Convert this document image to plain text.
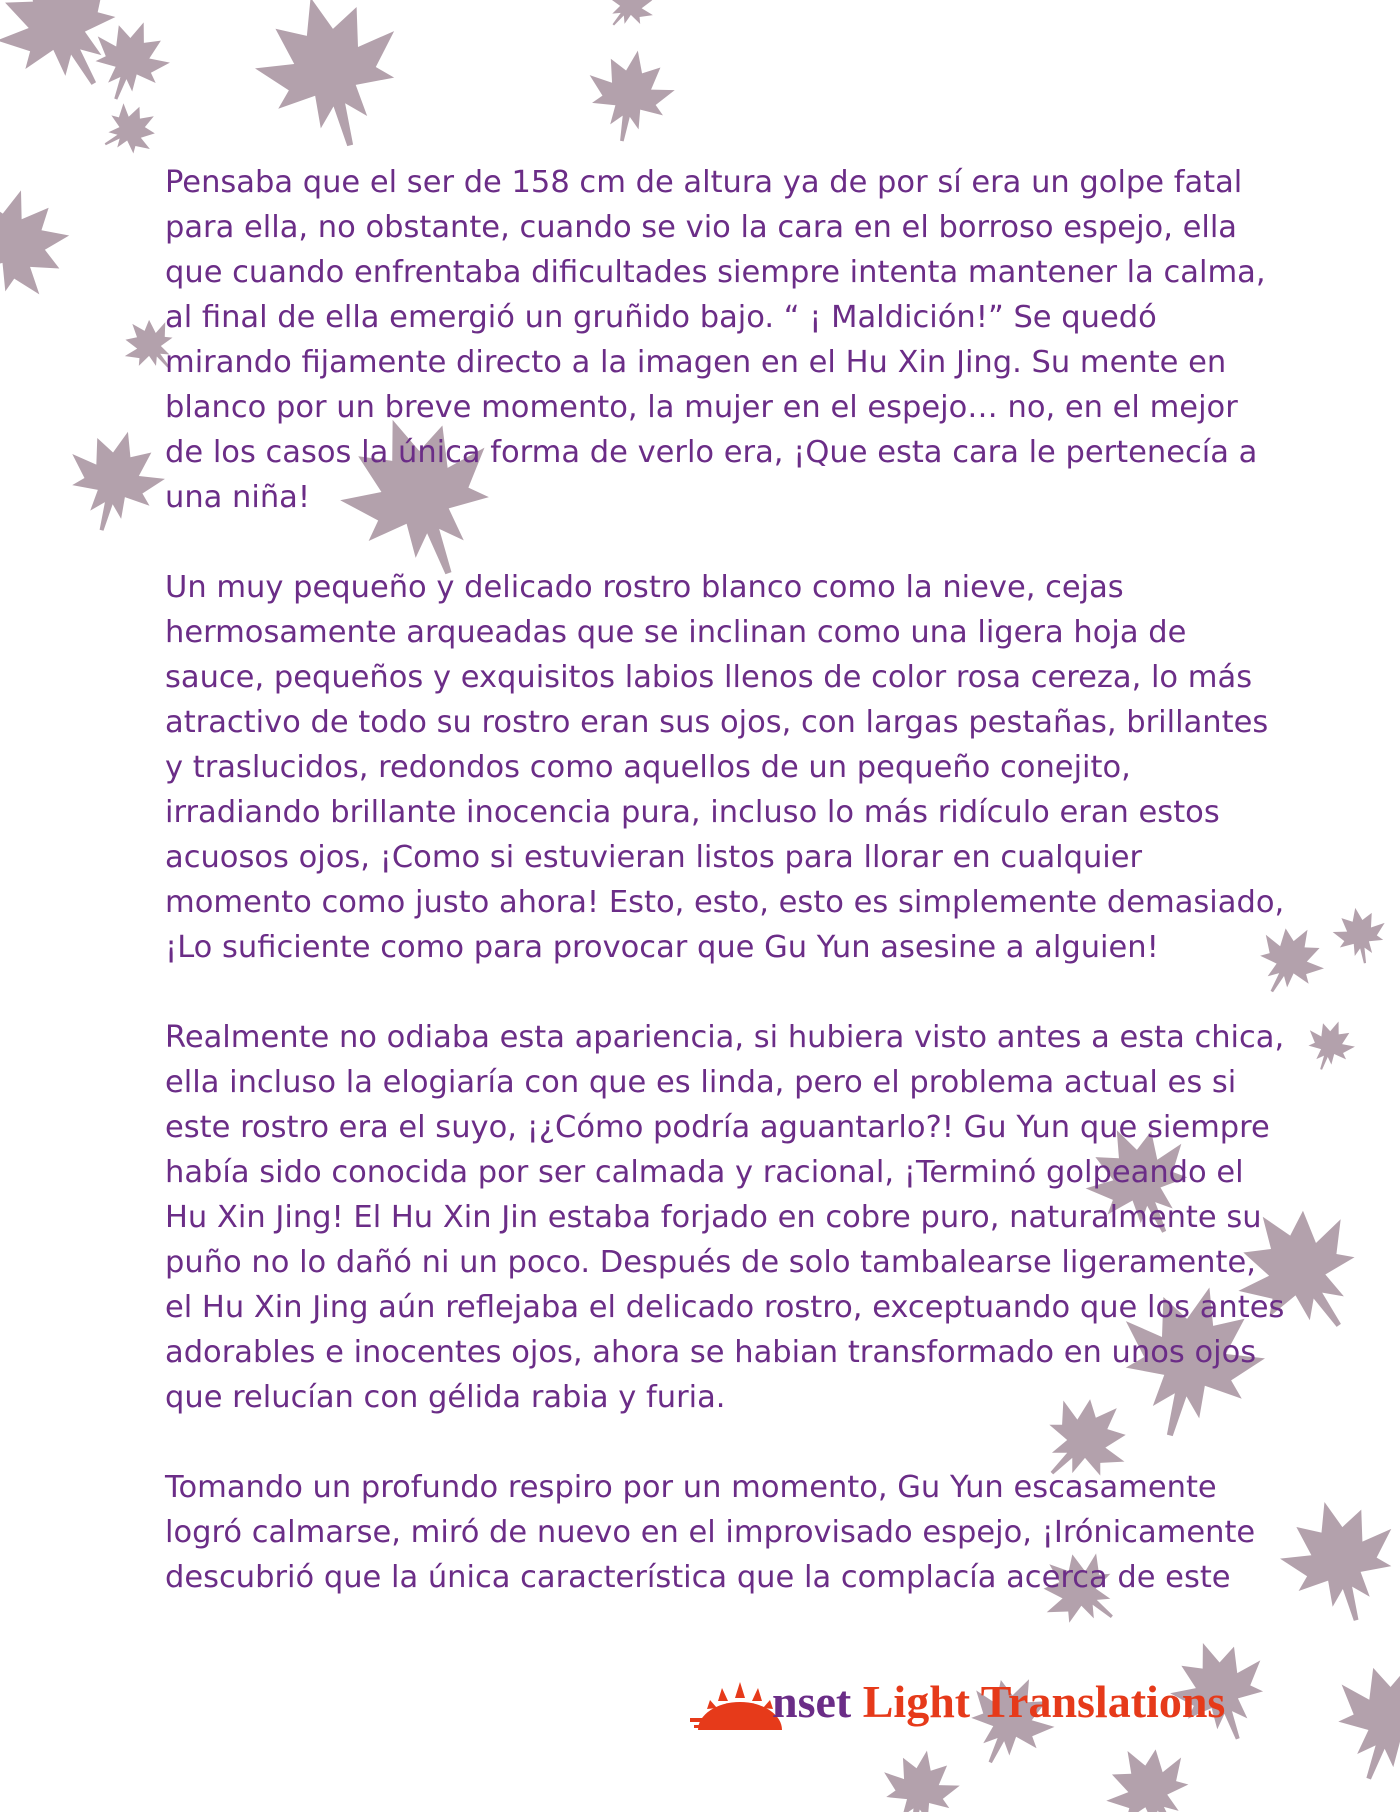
Pensaba que el ser de 158 cm de altura ya de por sí era un golpe fatal para ella, no obstante, cuando se vio la cara en el borroso espejo, ella que cuando enfrentaba dificultades siempre intenta mantener la calma, al final de ella emergió un gruñido bajo. “ ¡ Maldición!” Se quedó mirando fijamente directo a la imagen en el Hu Xin Jing. Su mente en blanco por un breve momento, la mujer en el espejo… no, en el mejor de los casos la única forma de verlo era, ¡Que esta cara le pertenecía a una niña!

Un muy pequeño y delicado rostro blanco como la nieve, cejas hermosamente arqueadas que se inclinan como una ligera hoja de sauce, pequeños y exquisitos labios llenos de color rosa cereza, lo más atractivo de todo su rostro eran sus ojos, con largas pestañas, brillantes y traslucidos, redondos como aquellos de un pequeño conejito, irradiando brillante inocencia pura, incluso lo más ridículo eran estos acuosos ojos, ¡Como si estuvieran listos para llorar en cualquier momento como justo ahora! Esto, esto, esto es simplemente demasiado, ¡Lo suficiente como para provocar que Gu Yun asesine a alguien!

Realmente no odiaba esta apariencia, si hubiera visto antes a esta chica, ella incluso la elogiaría con que es linda, pero el problema actual es si este rostro era el suyo, ¡¿Cómo podría aguantarlo?! Gu Yun que siempre había sido conocida por ser calmada y racional, ¡Terminó golpeando el Hu Xin Jing! El Hu Xin Jin estaba forjado en cobre puro, naturalmente su puño no lo dañó ni un poco. Después de solo tambalearse ligeramente, el Hu Xin Jing aún reflejaba el delicado rostro, exceptuando que los antes adorables e inocentes ojos, ahora se habian transformado en unos ojos que relucían con gélida rabia y furia.

Tomando un profundo respiro por un momento, Gu Yun escasamente logró calmarse, miró de nuevo en el improvisado espejo, ¡Irónicamente descubrió que la única característica que la complacía acerca de este

nset Light Translations
